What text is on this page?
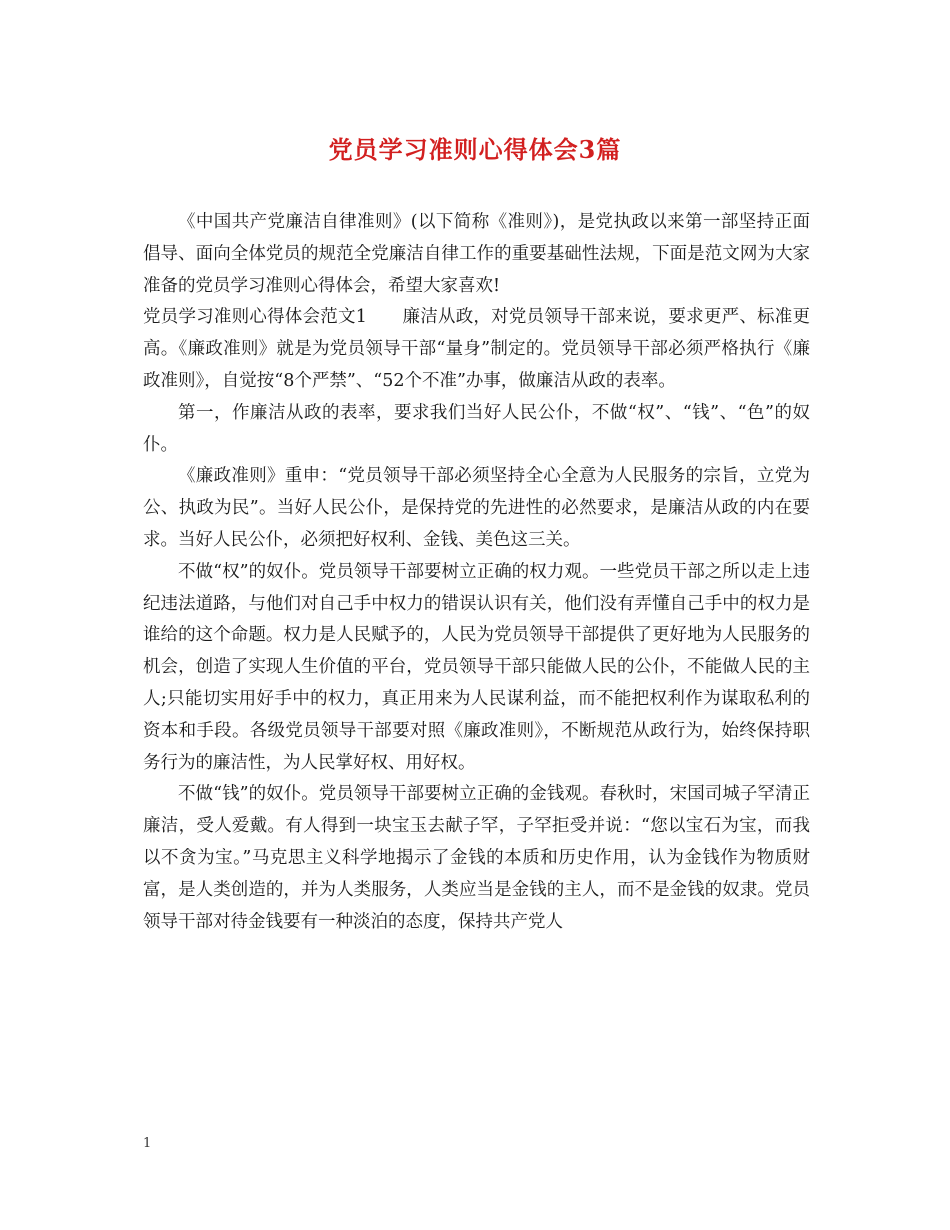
党员学习准则心得体会3篇

《中国共产党廉洁自律准则》(以下简称《准则》)，是党执政以来第一部坚持正面倡导、面向全体党员的规范全党廉洁自律工作的重要基础性法规，下面是范文网为大家准备的党员学习准则心得体会，希望大家喜欢!

党员学习准则心得体会范文1　　廉洁从政，对党员领导干部来说，要求更严、标准更高。《廉政准则》就是为党员领导干部“量身”制定的。党员领导干部必须严格执行《廉政准则》，自觉按“8个严禁”、“52个不准”办事，做廉洁从政的表率。

第一，作廉洁从政的表率，要求我们当好人民公仆，不做“权”、“钱”、“色”的奴仆。

《廉政准则》重申：“党员领导干部必须坚持全心全意为人民服务的宗旨，立党为公、执政为民”。当好人民公仆，是保持党的先进性的必然要求，是廉洁从政的内在要求。当好人民公仆，必须把好权利、金钱、美色这三关。

不做“权”的奴仆。党员领导干部要树立正确的权力观。一些党员干部之所以走上违纪违法道路，与他们对自己手中权力的错误认识有关，他们没有弄懂自己手中的权力是谁给的这个命题。权力是人民赋予的，人民为党员领导干部提供了更好地为人民服务的机会，创造了实现人生价值的平台，党员领导干部只能做人民的公仆，不能做人民的主人;只能切实用好手中的权力，真正用来为人民谋利益，而不能把权利作为谋取私利的资本和手段。各级党员领导干部要对照《廉政准则》，不断规范从政行为，始终保持职务行为的廉洁性，为人民掌好权、用好权。

不做“钱”的奴仆。党员领导干部要树立正确的金钱观。春秋时，宋国司城子罕清正廉洁，受人爱戴。有人得到一块宝玉去献子罕，子罕拒受并说：“您以宝石为宝，而我以不贪为宝。”马克思主义科学地揭示了金钱的本质和历史作用，认为金钱作为物质财富，是人类创造的，并为人类服务，人类应当是金钱的主人，而不是金钱的奴隶。党员领导干部对待金钱要有一种淡泊的态度，保持共产党人

1
